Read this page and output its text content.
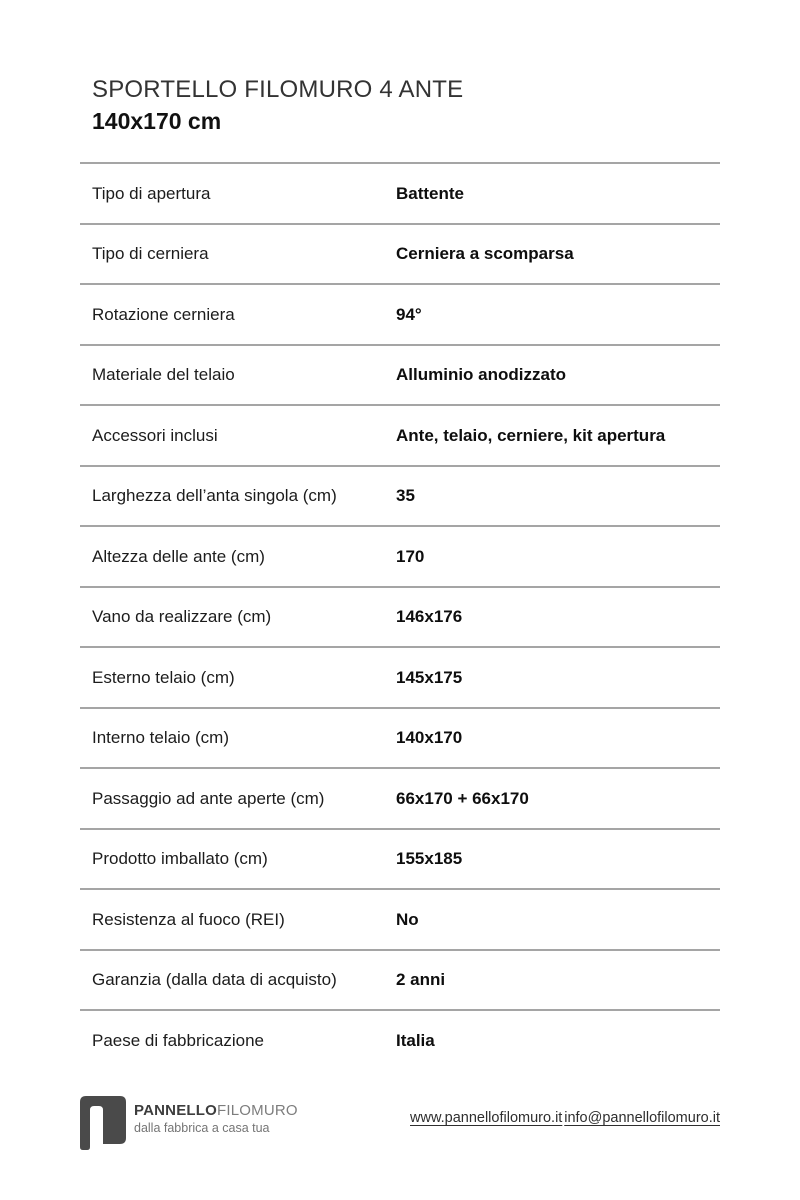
SPORTELLO FILOMURO 4 ANTE
140x170 cm
Tipo di apertura	Battente
Tipo di cerniera	Cerniera a scomparsa
Rotazione cerniera	94°
Materiale del telaio	Alluminio anodizzato
Accessori inclusi	Ante, telaio, cerniere, kit apertura
Larghezza dell’anta singola (cm)	35
Altezza delle ante (cm)	170
Vano da realizzare (cm)	146x176
Esterno telaio (cm)	145x175
Interno telaio (cm)	140x170
Passaggio ad ante aperte (cm)	66x170 + 66x170
Prodotto imballato (cm)	155x185
Resistenza al fuoco (REI)	No
Garanzia (dalla data di acquisto)	2 anni
Paese di fabbricazione	Italia
PANNELLOFILOMURO
dalla fabbrica a casa tua
www.pannellofilomuro.it info@pannellofilomuro.it
